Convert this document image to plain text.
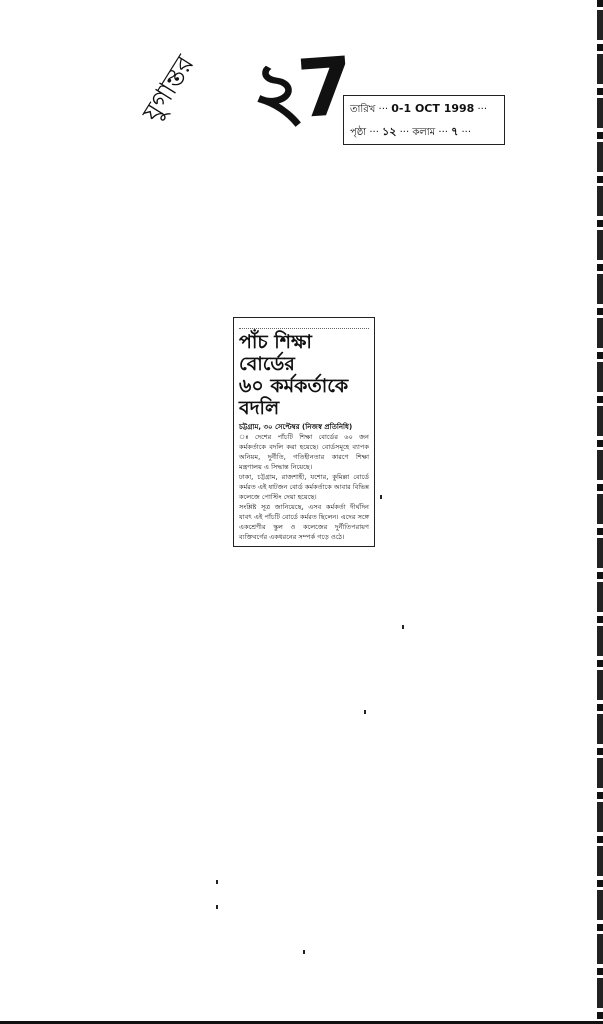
২7
যুগান্তর	তারিখ ··· 0-1 OCT 1998 ···
পৃষ্ঠা ··· ১২ ··· কলাম ··· ৭ ···

পাঁচ শিক্ষা বোর্ডের

৬০ কর্মকর্তাকে

বদলি

চট্টগ্রাম, ৩০ সেপ্টেম্বর (নিজস্ব প্রতিনিধি)

ঃ দেশের পাঁচটি শিক্ষা বোর্ডের ৬০ জন কর্মকর্তাকে বদলি করা হয়েছে। বোর্ডসমূহে ব্যাপক অনিয়ম, দুর্নীতি, গতিহীনতার কারণে শিক্ষা মন্ত্রণালয় এ সিদ্ধান্ত নিয়েছে।

ঢাকা, চট্টগ্রাম, রাজশাহী, যশোর, কুমিল্লা বোর্ডে কর্মরত এই ষাটজন বোর্ড কর্মকর্তাকে আবার বিভিন্ন কলেজে পোস্টিং দেয়া হয়েছে।

সংশ্লিষ্ট সূত্র জানিয়েছে, এসব কর্মকর্তা দীর্ঘদিন যাবৎ এই পাঁচটি বোর্ডে কর্মরত ছিলেন। এদের সঙ্গে একশ্রেণীর স্কুল ও কলেজের দুর্নীতিপরায়ণ ব্যক্তিবর্গের একধরনের সম্পর্ক গড়ে ওঠে।
